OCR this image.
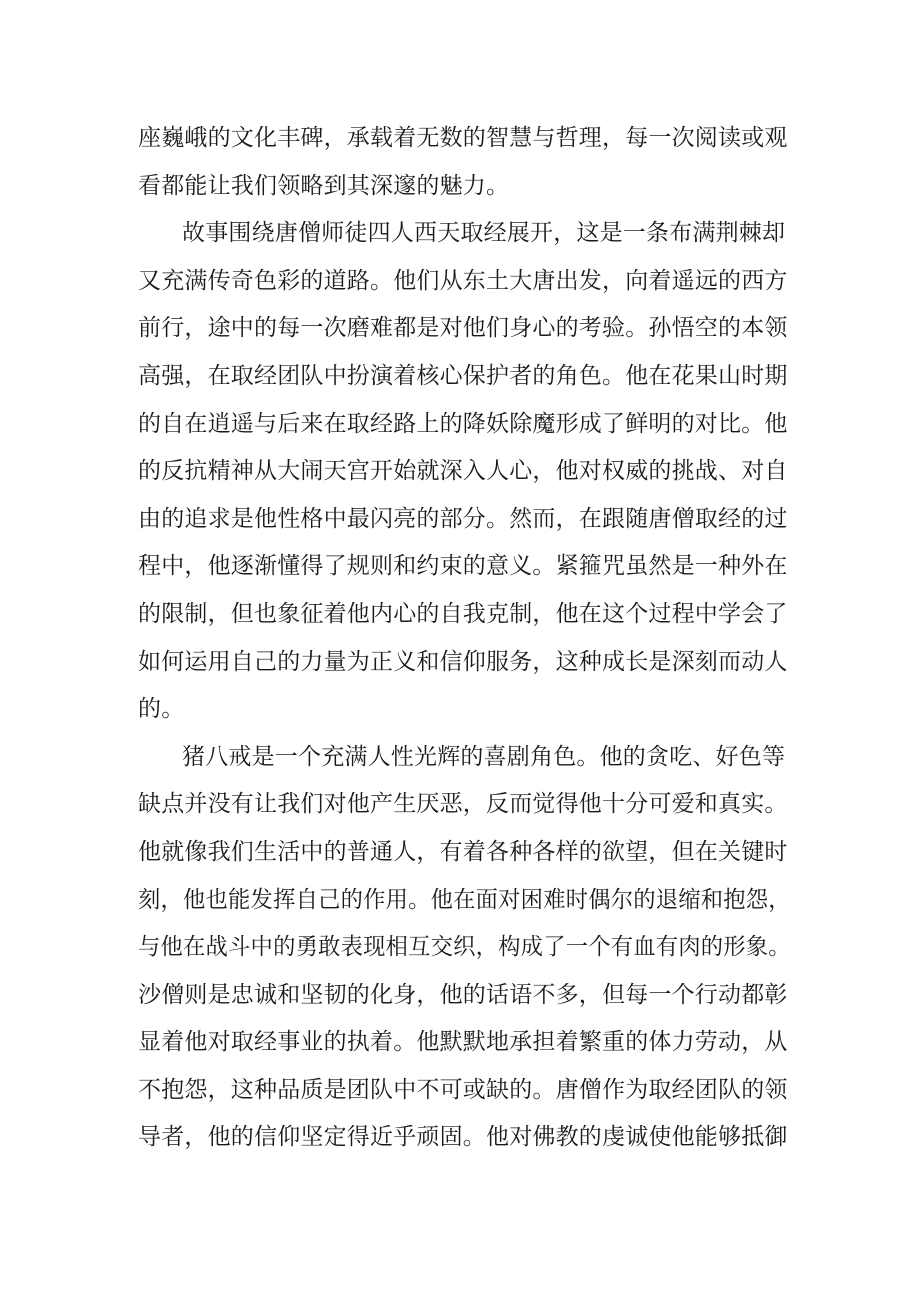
座巍峨的文化丰碑，承载着无数的智慧与哲理，每一次阅读或观
看都能让我们领略到其深邃的魅力。
故事围绕唐僧师徒四人西天取经展开，这是一条布满荆棘却
又充满传奇色彩的道路。他们从东土大唐出发，向着遥远的西方
前行，途中的每一次磨难都是对他们身心的考验。孙悟空的本领
高强，在取经团队中扮演着核心保护者的角色。他在花果山时期
的自在逍遥与后来在取经路上的降妖除魔形成了鲜明的对比。他
的反抗精神从大闹天宫开始就深入人心，他对权威的挑战、对自
由的追求是他性格中最闪亮的部分。然而，在跟随唐僧取经的过
程中，他逐渐懂得了规则和约束的意义。紧箍咒虽然是一种外在
的限制，但也象征着他内心的自我克制，他在这个过程中学会了
如何运用自己的力量为正义和信仰服务，这种成长是深刻而动人
的。
猪八戒是一个充满人性光辉的喜剧角色。他的贪吃、好色等
缺点并没有让我们对他产生厌恶，反而觉得他十分可爱和真实。
他就像我们生活中的普通人，有着各种各样的欲望，但在关键时
刻，他也能发挥自己的作用。他在面对困难时偶尔的退缩和抱怨，
与他在战斗中的勇敢表现相互交织，构成了一个有血有肉的形象。
沙僧则是忠诚和坚韧的化身，他的话语不多，但每一个行动都彰
显着他对取经事业的执着。他默默地承担着繁重的体力劳动，从
不抱怨，这种品质是团队中不可或缺的。唐僧作为取经团队的领
导者，他的信仰坚定得近乎顽固。他对佛教的虔诚使他能够抵御
